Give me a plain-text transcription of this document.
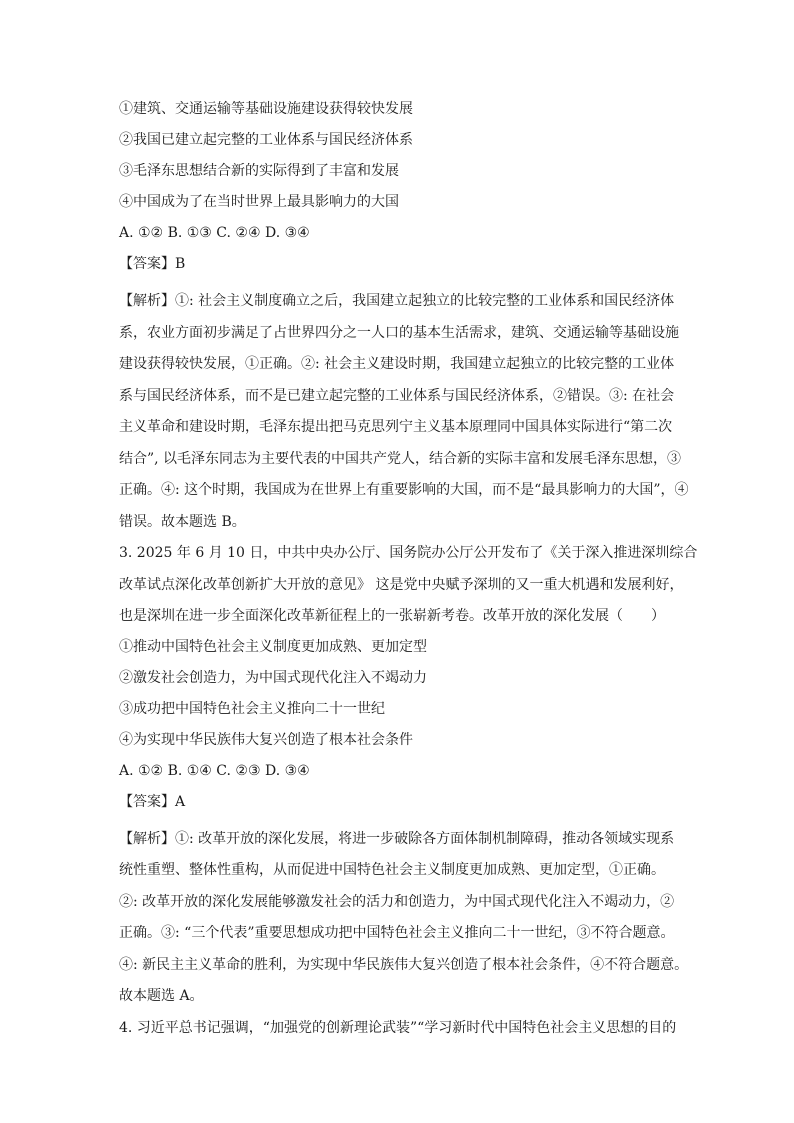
①建筑、交通运输等基础设施建设获得较快发展

②我国已建立起完整的工业体系与国民经济体系

③毛泽东思想结合新的实际得到了丰富和发展

④中国成为了在当时世界上最具影响力的大国

A. ①② B. ①③ C. ②④ D. ③④

【答案】B

【解析】①: 社会主义制度确立之后，我国建立起独立的比较完整的工业体系和国民经济体
系，农业方面初步满足了占世界四分之一人口的基本生活需求，建筑、交通运输等基础设施
建设获得较快发展，①正确。②: 社会主义建设时期，我国建立起独立的比较完整的工业体
系与国民经济体系，而不是已建立起完整的工业体系与国民经济体系，②错误。③: 在社会
主义革命和建设时期，毛泽东提出把马克思列宁主义基本原理同中国具体实际进行“第二次
结合”, 以毛泽东同志为主要代表的中国共产党人，结合新的实际丰富和发展毛泽东思想，③
正确。④: 这个时期，我国成为在世界上有重要影响的大国，而不是“最具影响力的大国”，④
错误。故本题选 B。
3. 2025 年 6 月 10 日，中共中央办公厅、国务院办公厅公开发布了《关于深入推进深圳综合
改革试点深化改革创新扩大开放的意见》 这是党中央赋予深圳的又一重大机遇和发展利好，
也是深圳在进一步全面深化改革新征程上的一张崭新考卷。改革开放的深化发展（　　）

①推动中国特色社会主义制度更加成熟、更加定型

②激发社会创造力，为中国式现代化注入不竭动力

③成功把中国特色社会主义推向二十一世纪

④为实现中华民族伟大复兴创造了根本社会条件

A. ①② B. ①④ C. ②③ D. ③④

【答案】A

【解析】①: 改革开放的深化发展，将进一步破除各方面体制机制障碍，推动各领域实现系
统性重塑、整体性重构，从而促进中国特色社会主义制度更加成熟、更加定型，①正确。
②: 改革开放的深化发展能够激发社会的活力和创造力，为中国式现代化注入不竭动力，②
正确。③: “三个代表”重要思想成功把中国特色社会主义推向二十一世纪，③不符合题意。
④: 新民主主义革命的胜利，为实现中华民族伟大复兴创造了根本社会条件，④不符合题意。
故本题选 A。
4. 习近平总书记强调，“加强党的创新理论武装”“学习新时代中国特色社会主义思想的目的
